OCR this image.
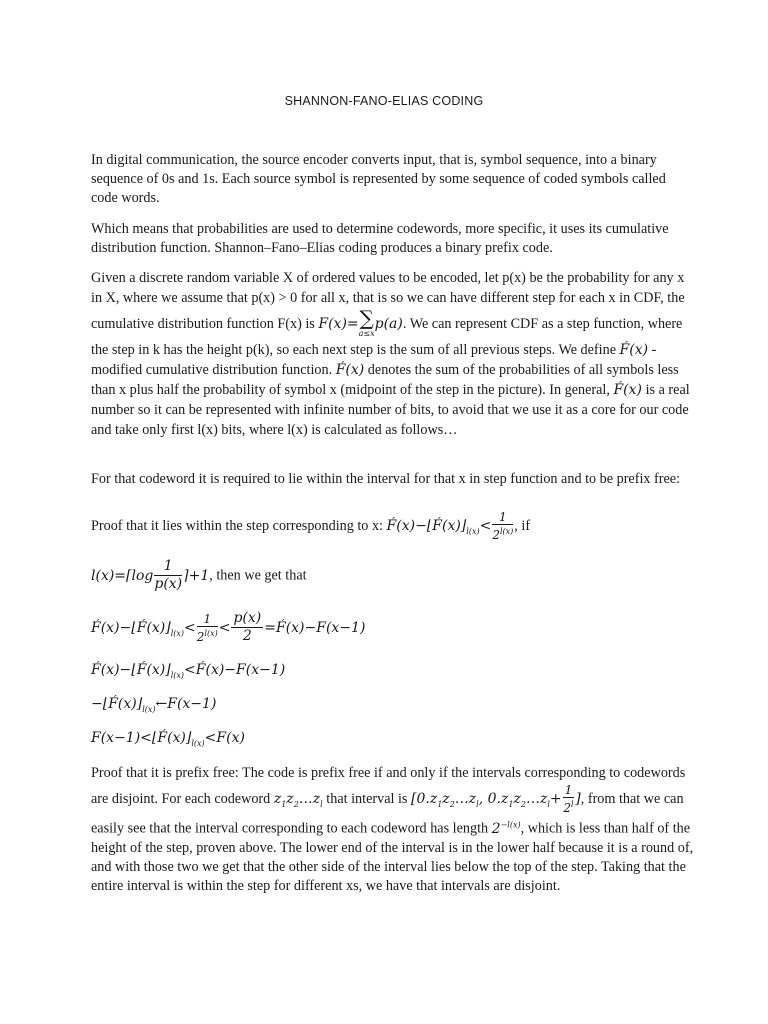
SHANNON-FANO-ELIAS CODING
In digital communication, the source encoder converts input, that is, symbol sequence, into a binary sequence of 0s and 1s. Each source symbol is represented by some sequence of coded symbols called code words.
Which means that probabilities are used to determine codewords, more specific, it uses its cumulative distribution function. Shannon–Fano–Elias coding produces a binary prefix code.
Given a discrete random variable X of ordered values to be encoded, let p(x) be the probability for any x in X, where we assume that p(x) > 0 for all x, that is so we can have different step for each x in CDF, the cumulative distribution function F(x) is F(x)= ∑
a≤x
p(a). We can represent CDF as a step function, where the step in k has the height p(k), so each next step is the sum of all previous steps. We define F́(x) - modified cumulative distribution function. F́(x) denotes the sum of the probabilities of all symbols less than x plus half the probability of symbol x (midpoint of the step in the picture). In general, F́(x) is a real number so it can be represented with infinite number of bits, to avoid that we use it as a core for our code and take only first l(x) bits, where l(x) is calculated as follows…
For that codeword it is required to lie within the interval for that x in step function and to be prefix free:
Proof that it lies within the step corresponding to x: $F́(x)-⌊F́(x)⌋_{l(x)}< \frac{1}{2^{l(x)}}$ , if
l(x)=⌈log $\frac{1}{p(x)}$ ⌉+1, then we get that
$F́(x)-⌊F́(x)⌋_{l(x)}< \frac{1}{2^{l(x)}} < \frac{p(x)}{2}$ =F́(x)−F(x−1)
$F́(x)-⌊F́(x)⌋_{l(x)}<F́(x)-F(x-1)$
$-⌊F́(x)⌋_{l(x)}\leftarrow F(x-1)$
$F(x-1)<⌊F́(x)⌋_{l(x)}<F(x)$
Proof that it is prefix free: The code is prefix free if and only if the intervals corresponding to codewords are disjoint. For each codeword $z_1z_2\dots z_l$ that interval is [$0.z_1z_2\dots z_l$, $0.z_1z_2\dots z_l+ \frac{1}{2^l}$ ], from that we can easily see that the interval corresponding to each codeword has length $2^{-l(x)}$, which is less than half of the height of the step, proven above. The lower end of the interval is in the lower half because it is a round of, and with those two we get that the other side of the interval lies below the top of the step. Taking that the entire interval is within the step for different xs, we have that intervals are disjoint.
